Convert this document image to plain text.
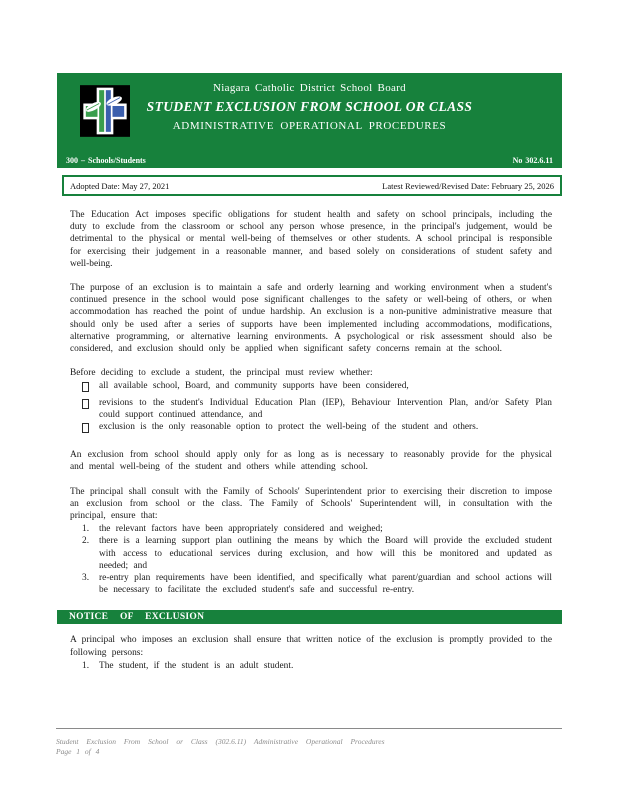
Niagara Catholic District School Board
STUDENT EXCLUSION FROM SCHOOL OR CLASS
ADMINISTRATIVE OPERATIONAL PROCEDURES
300 – Schools/Students	No 302.6.11
Adopted Date: May 27, 2021	Latest Reviewed/Revised Date: February 25, 2026

The Education Act imposes specific obligations for student health and safety on school principals, including the duty to exclude from the classroom or school any person whose presence, in the principal's judgement, would be detrimental to the physical or mental well-being of themselves or other students. A school principal is responsible for exercising their judgement in a reasonable manner, and based solely on considerations of student safety and well-being.

The purpose of an exclusion is to maintain a safe and orderly learning and working environment when a student's continued presence in the school would pose significant challenges to the safety or well-being of others, or when accommodation has reached the point of undue hardship. An exclusion is a non-punitive administrative measure that should only be used after a series of supports have been implemented including accommodations, modifications, alternative programming, or alternative learning environments. A psychological or risk assessment should also be considered, and exclusion should only be applied when significant safety concerns remain at the school.

Before deciding to exclude a student, the principal must review whether:

all available school, Board, and community supports have been considered,
revisions to the student's Individual Education Plan (IEP), Behaviour Intervention Plan, and/or Safety Plan could support continued attendance, and
exclusion is the only reasonable option to protect the well-being of the student and others.

An exclusion from school should apply only for as long as is necessary to reasonably provide for the physical and mental well-being of the student and others while attending school.

The principal shall consult with the Family of Schools' Superintendent prior to exercising their discretion to impose an exclusion from school or the class. The Family of Schools' Superintendent will, in consultation with the principal, ensure that:

1.	the relevant factors have been appropriately considered and weighed;
2.	there is a learning support plan outlining the means by which the Board will provide the excluded student with access to educational services during exclusion, and how will this be monitored and updated as needed; and
3.	re-entry plan requirements have been identified, and specifically what parent/guardian and school actions will be necessary to facilitate the excluded student's safe and successful re-entry.
NOTICE OF EXCLUSION

A principal who imposes an exclusion shall ensure that written notice of the exclusion is promptly provided to the following persons:

1.	The student, if the student is an adult student.
Student Exclusion From School or Class (302.6.11) Administrative Operational Procedures
Page 1 of 4
